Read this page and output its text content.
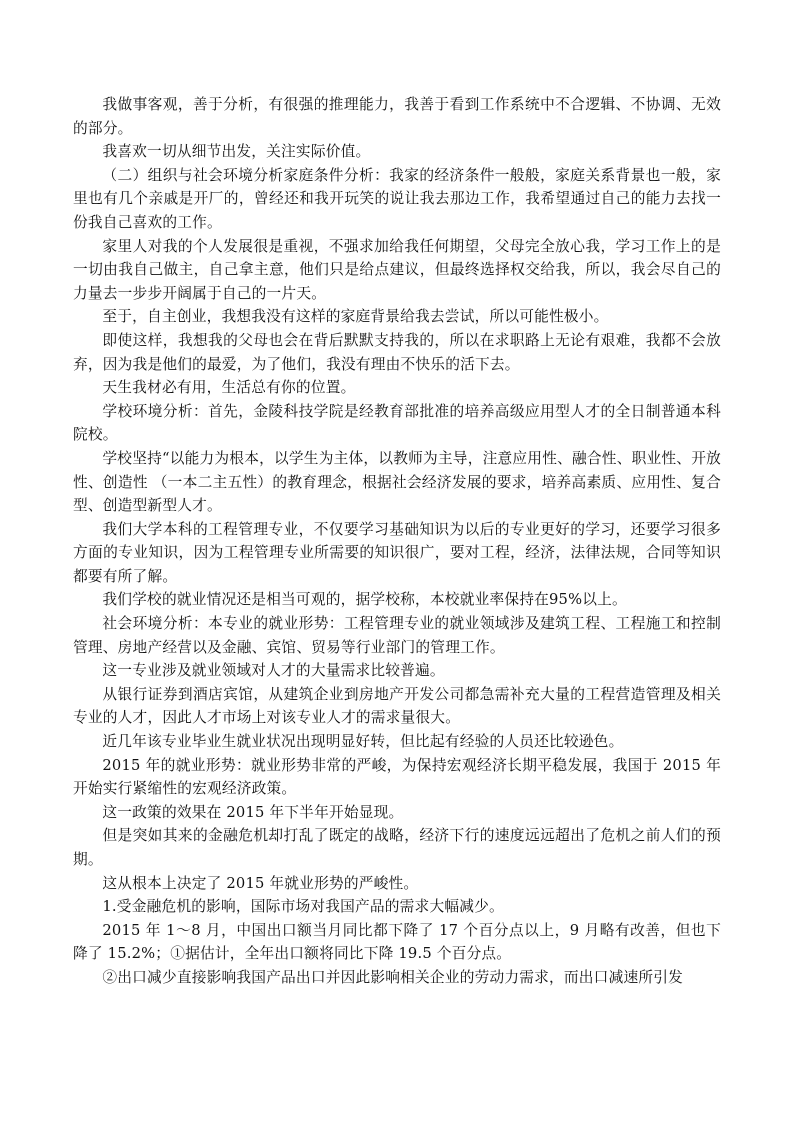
我做事客观，善于分析，有很强的推理能力，我善于看到工作系统中不合逻辑、不协调、无效的部分。

我喜欢一切从细节出发，关注实际价值。

（二）组织与社会环境分析家庭条件分析：我家的经济条件一般般，家庭关系背景也一般，家里也有几个亲戚是开厂的，曾经还和我开玩笑的说让我去那边工作，我希望通过自己的能力去找一份我自己喜欢的工作。

家里人对我的个人发展很是重视，不强求加给我任何期望，父母完全放心我，学习工作上的是一切由我自己做主，自己拿主意，他们只是给点建议，但最终选择权交给我，所以，我会尽自己的力量去一步步开阔属于自己的一片天。

至于，自主创业，我想我没有这样的家庭背景给我去尝试，所以可能性极小。

即使这样，我想我的父母也会在背后默默支持我的，所以在求职路上无论有艰难，我都不会放弃，因为我是他们的最爱，为了他们，我没有理由不快乐的活下去。

天生我材必有用，生活总有你的位置。

学校环境分析：首先，金陵科技学院是经教育部批准的培养高级应用型人才的全日制普通本科院校。

学校坚持“以能力为根本，以学生为主体，以教师为主导，注意应用性、融合性、职业性、开放性、创造性 （一本二主五性）的教育理念，根据社会经济发展的要求，培养高素质、应用性、复合型、创造型新型人才。

我们大学本科的工程管理专业，不仅要学习基础知识为以后的专业更好的学习，还要学习很多方面的专业知识，因为工程管理专业所需要的知识很广，要对工程，经济，法律法规，合同等知识都要有所了解。

我们学校的就业情况还是相当可观的，据学校称，本校就业率保持在95%以上。

社会环境分析：本专业的就业形势：工程管理专业的就业领域涉及建筑工程、工程施工和控制管理、房地产经营以及金融、宾馆、贸易等行业部门的管理工作。

这一专业涉及就业领域对人才的大量需求比较普遍。

从银行证券到酒店宾馆，从建筑企业到房地产开发公司都急需补充大量的工程营造管理及相关专业的人才，因此人才市场上对该专业人才的需求量很大。

近几年该专业毕业生就业状况出现明显好转，但比起有经验的人员还比较逊色。

2015 年的就业形势：就业形势非常的严峻，为保持宏观经济长期平稳发展，我国于 2015 年开始实行紧缩性的宏观经济政策。

这一政策的效果在 2015 年下半年开始显现。

但是突如其来的金融危机却打乱了既定的战略，经济下行的速度远远超出了危机之前人们的预期。

这从根本上决定了 2015 年就业形势的严峻性。

1.受金融危机的影响，国际市场对我国产品的需求大幅减少。

2015 年 1～8 月，中国出口额当月同比都下降了 17 个百分点以上，9 月略有改善，但也下降了 15.2%；①据估计，全年出口额将同比下降 19.5 个百分点。

②出口减少直接影响我国产品出口并因此影响相关企业的劳动力需求，而出口减速所引发
